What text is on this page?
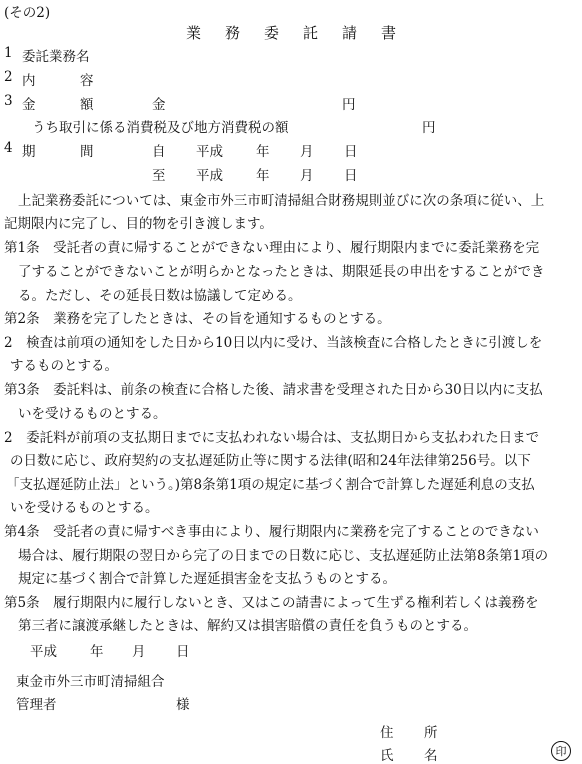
(その2)
業務委託請書
1 委託業務名
2 内	容
3 金	額	金	円
うち取引に係る消費税及び地方消費税の額	円
4 期	間	自 平成 年 月 日
至 平成 年 月 日
上記業務委託については、東金市外三市町清掃組合財務規則並びに次の条項に従い、上
記期限内に完了し、目的物を引き渡します。
第1条　受託者の責に帰することができない理由により、履行期限内までに委託業務を完
了することができないことが明らかとなったときは、期限延長の申出をすることができ
る。ただし、その延長日数は協議して定める。
第2条　業務を完了したときは、その旨を通知するものとする。
2　検査は前項の通知をした日から10日以内に受け、当該検査に合格したときに引渡しを
するものとする。
第3条　委託料は、前条の検査に合格した後、請求書を受理された日から30日以内に支払
いを受けるものとする。
2　委託料が前項の支払期日までに支払われない場合は、支払期日から支払われた日まで
の日数に応じ、政府契約の支払遅延防止等に関する法律(昭和24年法律第256号。以下
「支払遅延防止法」という。)第8条第1項の規定に基づく割合で計算した遅延利息の支払
いを受けるものとする。
第4条　受託者の責に帰すべき事由により、履行期限内に業務を完了することのできない
場合は、履行期限の翌日から完了の日までの日数に応じ、支払遅延防止法第8条第1項の
規定に基づく割合で計算した遅延損害金を支払うものとする。
第5条　履行期限内に履行しないとき、又はこの請書によって生ずる権利若しくは義務を
第三者に譲渡承継したときは、解約又は損害賠償の責任を負うものとする。
平成 年 月 日
東金市外三市町清掃組合
管理者	様
住 所
氏 名	印
